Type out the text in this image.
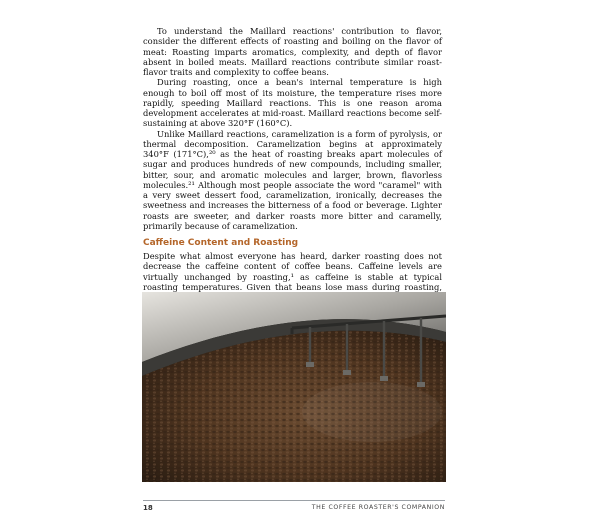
To understand the Maillard reactions' contribution to flavor, consider the different effects of roasting and boiling on the flavor of meat: Roasting imparts aromatics, complexity, and depth of flavor absent in boiled meats. Maillard reactions contribute similar roast-flavor traits and complexity to coffee beans.

During roasting, once a bean's internal temperature is high enough to boil off most of its moisture, the temperature rises more rapidly, speeding Maillard reactions. This is one reason aroma development accelerates at mid-roast. Maillard reactions become self-sustaining at above 320°F (160°C).

Unlike Maillard reactions, caramelization is a form of pyrolysis, or thermal decomposition. Caramelization begins at approximately 340°F (171°C),²⁰ as the heat of roasting breaks apart molecules of sugar and produces hundreds of new compounds, including smaller, bitter, sour, and aromatic molecules and larger, brown, flavorless molecules.²¹ Although most people associate the word "caramel" with a very sweet dessert food, caramelization, ironically, decreases the sweetness and increases the bitterness of a food or beverage. Lighter roasts are sweeter, and darker roasts more bitter and caramelly, primarily because of caramelization.

Caffeine Content and Roasting

Despite what almost everyone has heard, darker roasting does not decrease the caffeine content of coffee beans. Caffeine levels are virtually unchanged by roasting,¹ as caffeine is stable at typical roasting temperatures. Given that beans lose mass during roasting,

18	THE COFFEE ROASTER'S COMPANION
